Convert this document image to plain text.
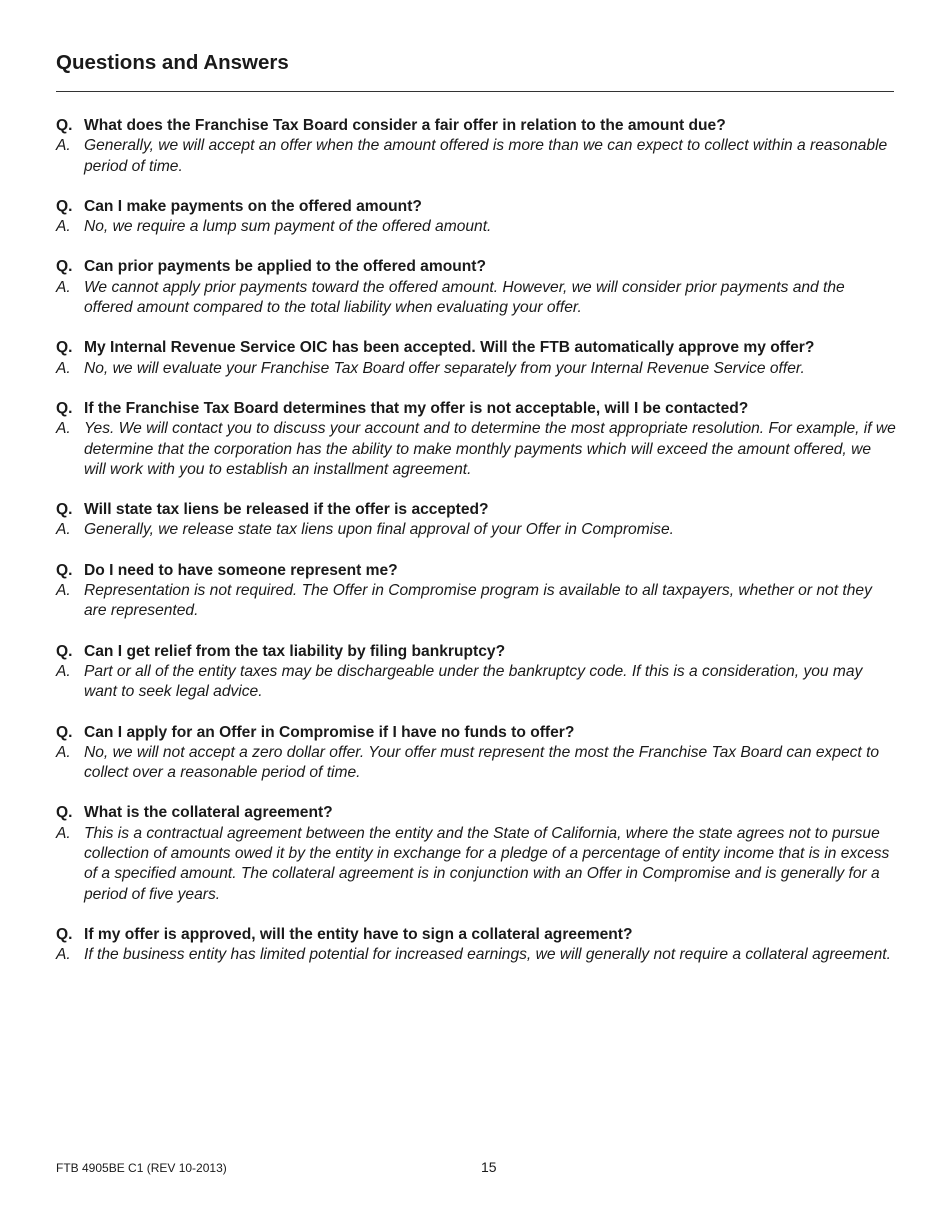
Questions and Answers
Q. What does the Franchise Tax Board consider a fair offer in relation to the amount due?
A. Generally, we will accept an offer when the amount offered is more than we can expect to collect within a reasonable period of time.
Q. Can I make payments on the offered amount?
A. No, we require a lump sum payment of the offered amount.
Q. Can prior payments be applied to the offered amount?
A. We cannot apply prior payments toward the offered amount. However, we will consider prior payments and the offered amount compared to the total liability when evaluating your offer.
Q. My Internal Revenue Service OIC has been accepted. Will the FTB automatically approve my offer?
A. No, we will evaluate your Franchise Tax Board offer separately from your Internal Revenue Service offer.
Q. If the Franchise Tax Board determines that my offer is not acceptable, will I be contacted?
A. Yes. We will contact you to discuss your account and to determine the most appropriate resolution. For example, if we determine that the corporation has the ability to make monthly payments which will exceed the amount offered, we will work with you to establish an installment agreement.
Q. Will state tax liens be released if the offer is accepted?
A. Generally, we release state tax liens upon final approval of your Offer in Compromise.
Q. Do I need to have someone represent me?
A. Representation is not required. The Offer in Compromise program is available to all taxpayers, whether or not they are represented.
Q. Can I get relief from the tax liability by filing bankruptcy?
A. Part or all of the entity taxes may be dischargeable under the bankruptcy code. If this is a consideration, you may want to seek legal advice.
Q. Can I apply for an Offer in Compromise if I have no funds to offer?
A. No, we will not accept a zero dollar offer. Your offer must represent the most the Franchise Tax Board can expect to collect over a reasonable period of time.
Q. What is the collateral agreement?
A. This is a contractual agreement between the entity and the State of California, where the state agrees not to pursue collection of amounts owed it by the entity in exchange for a pledge of a percentage of entity income that is in excess of a specified amount. The collateral agreement is in conjunction with an Offer in Compromise and is generally for a period of five years.
Q. If my offer is approved, will the entity have to sign a collateral agreement?
A. If the business entity has limited potential for increased earnings, we will generally not require a collateral agreement.
FTB 4905BE C1 (REV 10-2013)	15
